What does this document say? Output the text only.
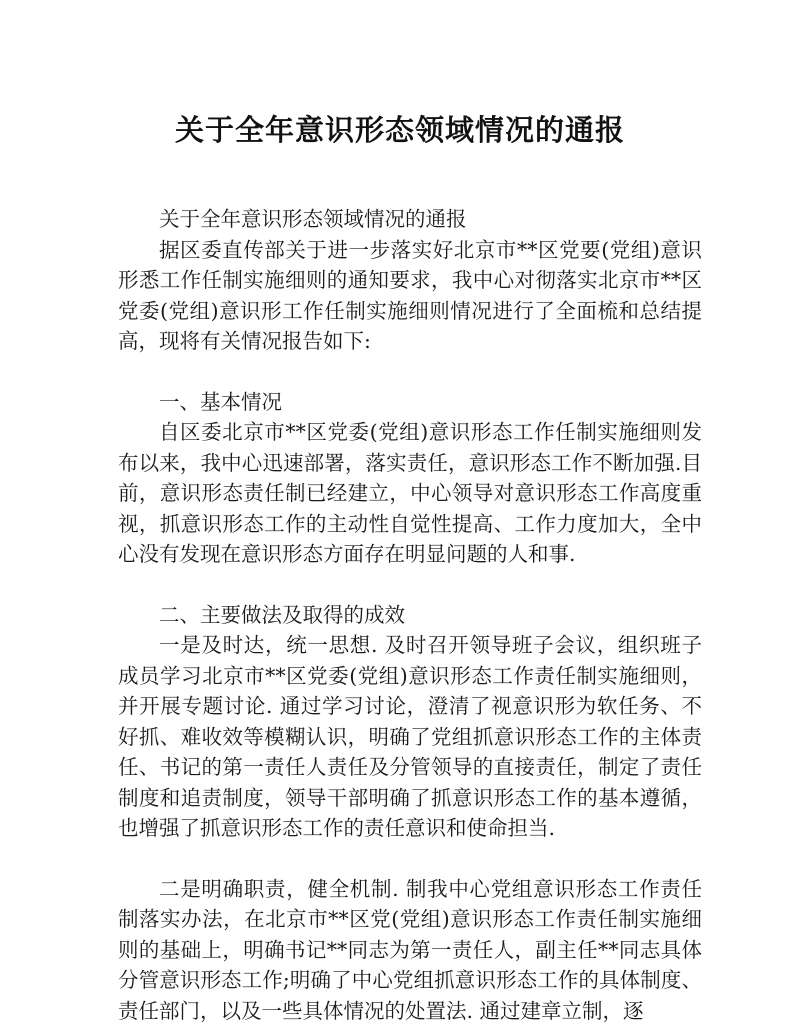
关于全年意识形态领域情况的通报

关于全年意识形态领域情况的通报

据区委直传部关于进一步落实好北京市**区党要(党组)意识形悉工作任制实施细则的通知要求，我中心对彻落实北京市**区党委(党组)意识形工作任制实施细则情况进行了全面梳和总结提高，现将有关情况报告如下:

一、基本情况

自区委北京市**区党委(党组)意识形态工作任制实施细则发布以来，我中心迅速部署，落实责任，意识形态工作不断加强.目前，意识形态责任制已经建立，中心领导对意识形态工作高度重视，抓意识形态工作的主动性自觉性提高、工作力度加大，全中心没有发现在意识形态方面存在明显问题的人和事.

二、主要做法及取得的成效

一是及时达，统一思想. 及时召开领导班子会议，组织班子成员学习北京市**区党委(党组)意识形态工作责任制实施细则，并开展专题讨论. 通过学习讨论，澄清了视意识形为软任务、不好抓、难收效等模糊认识，明确了党组抓意识形态工作的主体责任、书记的第一责任人责任及分管领导的直接责任，制定了责任制度和追责制度，领导干部明确了抓意识形态工作的基本遵循，也增强了抓意识形态工作的责任意识和使命担当.

二是明确职责，健全机制. 制我中心党组意识形态工作责任制落实办法，在北京市**区党(党组)意识形态工作责任制实施细则的基础上，明确书记**同志为第一责任人，副主任**同志具体分管意识形态工作;明确了中心党组抓意识形态工作的具体制度、责任部门，以及一些具体情况的处置法. 通过建章立制，逐
